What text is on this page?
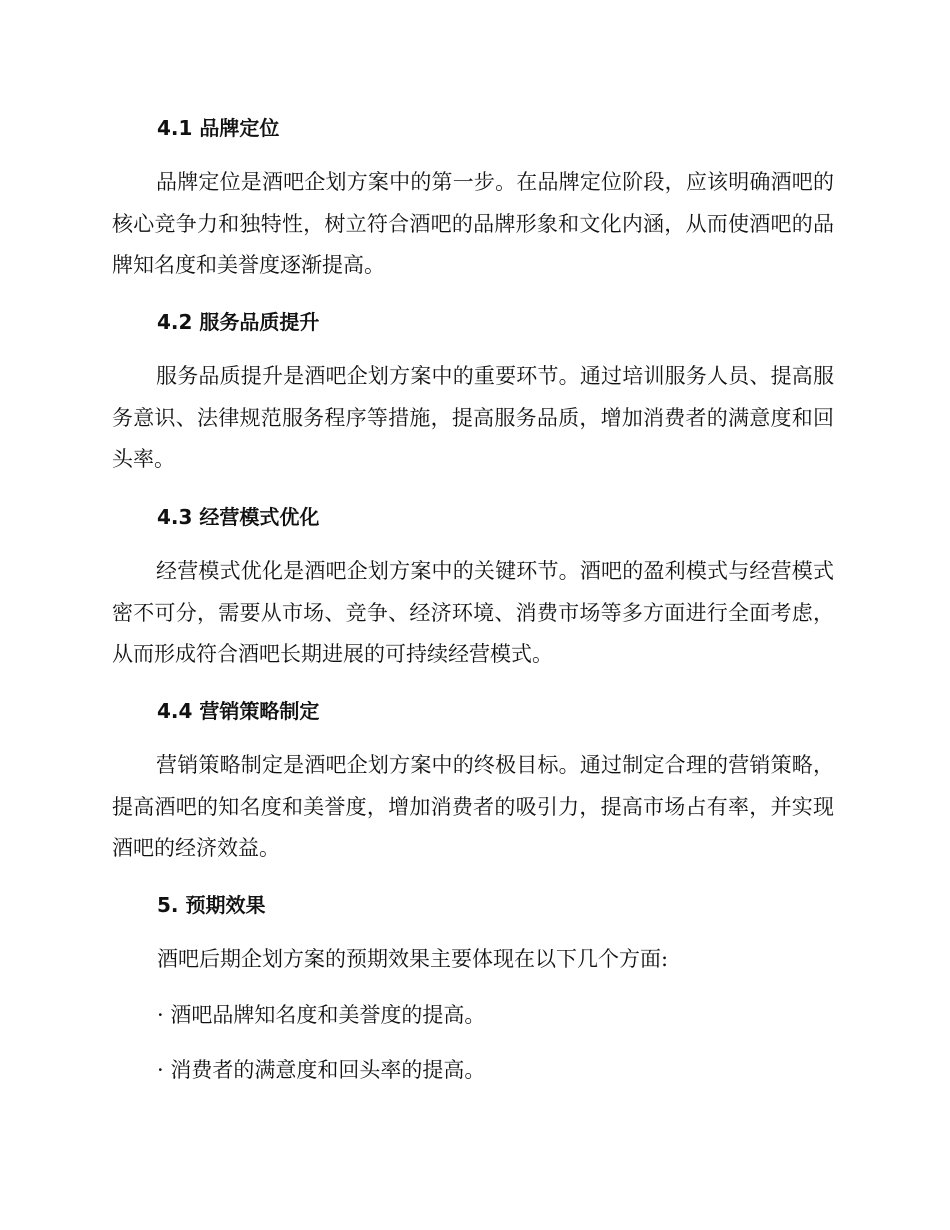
4.1 品牌定位

品牌定位是酒吧企划方案中的第一步。在品牌定位阶段，应该明确酒吧的核心竞争力和独特性，树立符合酒吧的品牌形象和文化内涵，从而使酒吧的品牌知名度和美誉度逐渐提高。

4.2 服务品质提升

服务品质提升是酒吧企划方案中的重要环节。通过培训服务人员、提高服务意识、法律规范服务程序等措施，提高服务品质，增加消费者的满意度和回头率。

4.3 经营模式优化

经营模式优化是酒吧企划方案中的关键环节。酒吧的盈利模式与经营模式密不可分，需要从市场、竞争、经济环境、消费市场等多方面进行全面考虑，从而形成符合酒吧长期进展的可持续经营模式。

4.4 营销策略制定

营销策略制定是酒吧企划方案中的终极目标。通过制定合理的营销策略，提高酒吧的知名度和美誉度，增加消费者的吸引力，提高市场占有率，并实现酒吧的经济效益。

5. 预期效果
酒吧后期企划方案的预期效果主要体现在以下几个方面:
· 酒吧品牌知名度和美誉度的提高。
· 消费者的满意度和回头率的提高。
